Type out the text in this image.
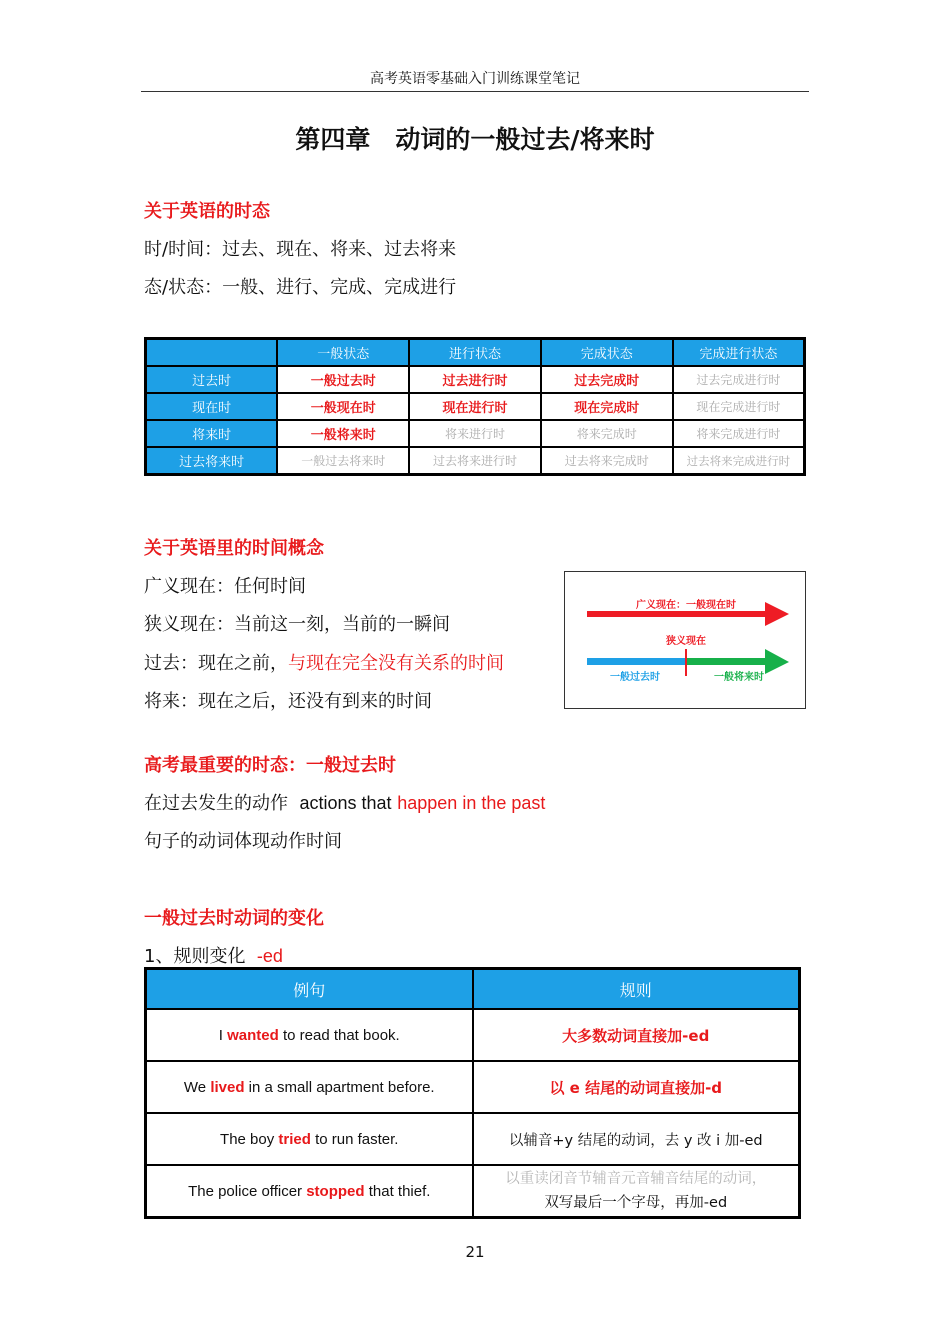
高考英语零基础入门训练课堂笔记
第四章　动词的一般过去/将来时
关于英语的时态
时/时间：过去、现在、将来、过去将来
态/状态：一般、进行、完成、完成进行
	一般状态	进行状态	完成状态	完成进行状态
过去时	一般过去时	过去进行时	过去完成时	过去完成进行时
现在时	一般现在时	现在进行时	现在完成时	现在完成进行时
将来时	一般将来时	将来进行时	将来完成时	将来完成进行时
过去将来时	一般过去将来时	过去将来进行时	过去将来完成时	过去将来完成进行时
关于英语里的时间概念
广义现在：任何时间
狭义现在：当前这一刻，当前的一瞬间
过去：现在之前，与现在完全没有关系的时间
将来：现在之后，还没有到来的时间
广义现在：一般现在时
狭义现在
一般过去时	一般将来时
高考最重要的时态：一般过去时
在过去发生的动作 actions that happen in the past
句子的动词体现动作时间
一般过去时动词的变化
1、规则变化 -ed
例句	规则
I wanted to read that book.	大多数动词直接加-ed
We lived in a small apartment before.	以 e 结尾的动词直接加-d
The boy tried to run faster.	以辅音+y 结尾的动词，去 y 改 i 加-ed
The police officer stopped that thief.	以重读闭音节辅音元音辅音结尾的动词，
双写最后一个字母，再加-ed
21
